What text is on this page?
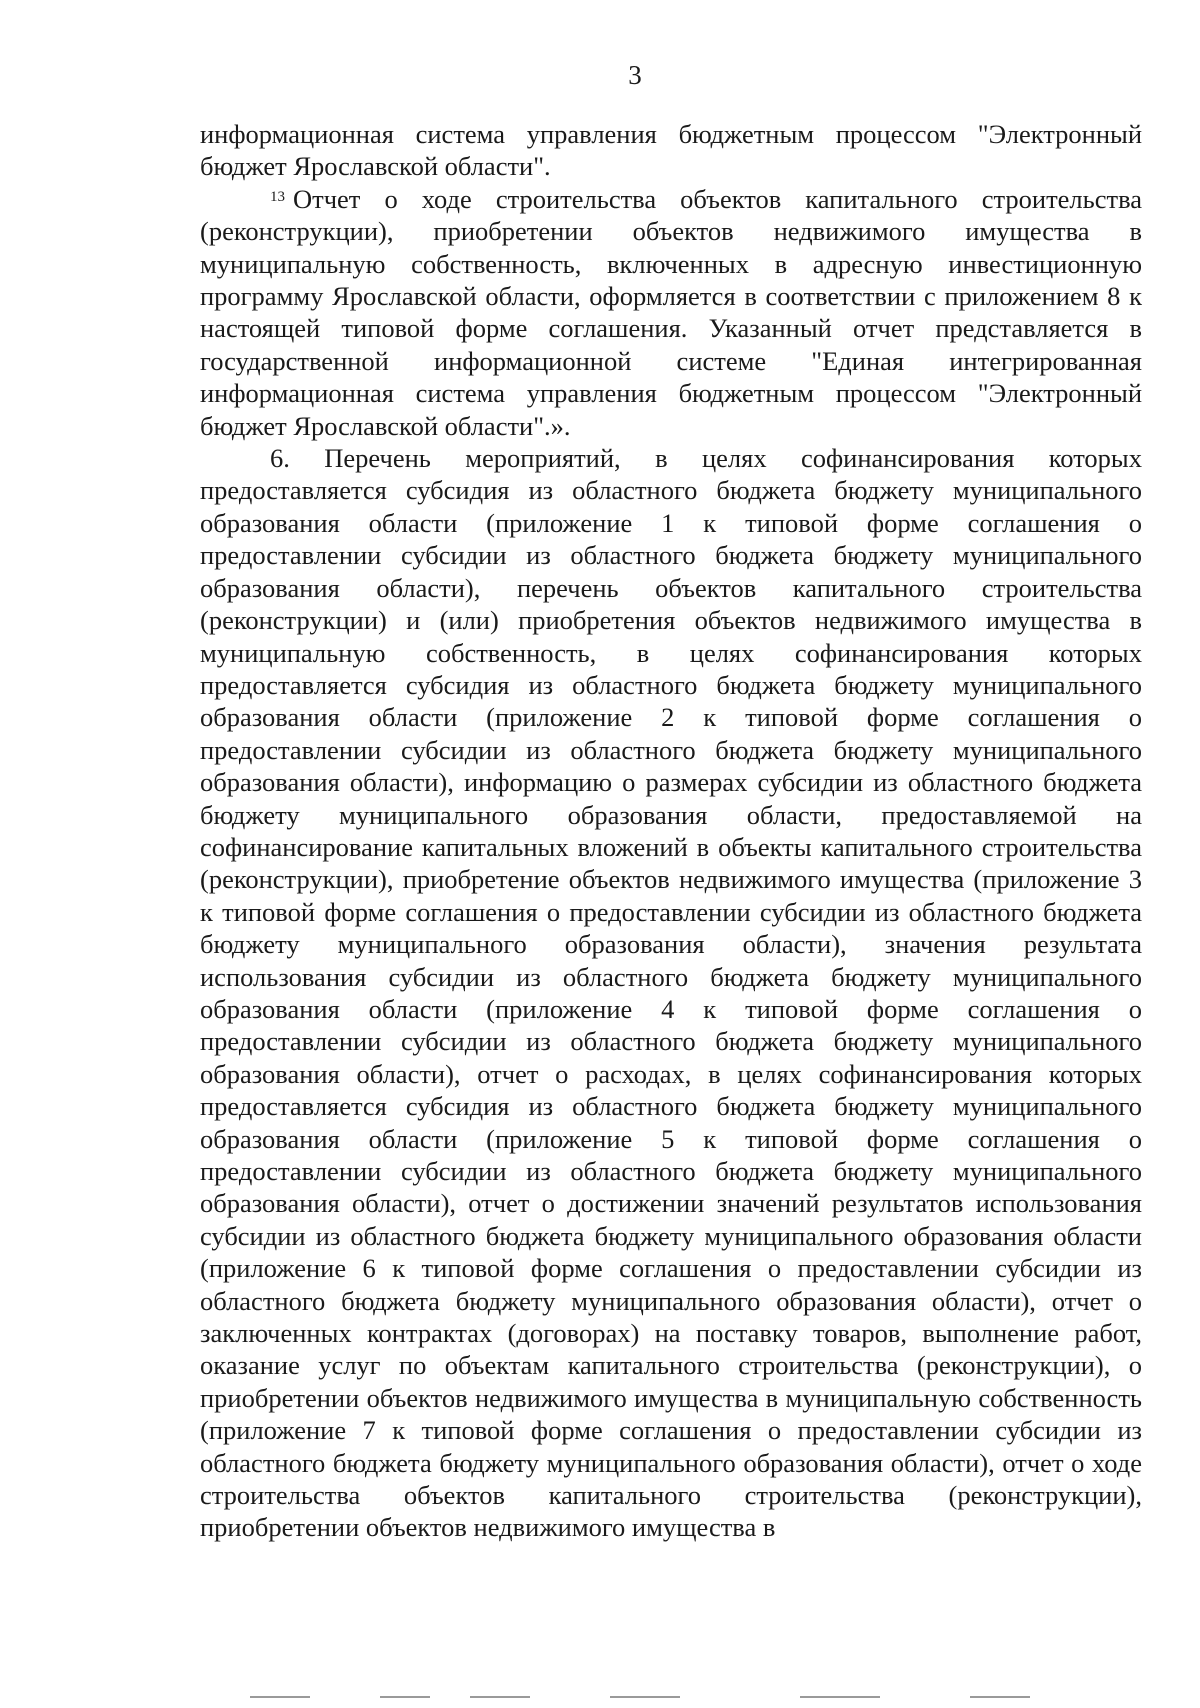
3

информационная система управления бюджетным процессом "Электронный бюджет Ярославской области".

$^{13}$ Отчет о ходе строительства объектов капитального строительства (реконструкции), приобретении объектов недвижимого имущества в муниципальную собственность, включенных в адресную инвестиционную программу Ярославской области, оформляется в соответствии с приложением 8 к настоящей типовой форме соглашения. Указанный отчет представляется в государственной информационной системе "Единая интегрированная информационная система управления бюджетным процессом "Электронный бюджет Ярославской области".».

6. Перечень мероприятий, в целях софинансирования которых предоставляется субсидия из областного бюджета бюджету муниципального образования области (приложение 1 к типовой форме соглашения о предоставлении субсидии из областного бюджета бюджету муниципального образования области), перечень объектов капитального строительства (реконструкции) и (или) приобретения объектов недвижимого имущества в муниципальную собственность, в целях софинансирования которых предоставляется субсидия из областного бюджета бюджету муниципального образования области (приложение 2 к типовой форме соглашения о предоставлении субсидии из областного бюджета бюджету муниципального образования области), информацию о размерах субсидии из областного бюджета бюджету муниципального образования области, предоставляемой на софинансирование капитальных вложений в объекты капитального строительства (реконструкции), приобретение объектов недвижимого имущества (приложение 3 к типовой форме соглашения о предоставлении субсидии из областного бюджета бюджету муниципального образования области), значения результата использования субсидии из областного бюджета бюджету муниципального образования области (приложение 4 к типовой форме соглашения о предоставлении субсидии из областного бюджета бюджету муниципального образования области), отчет о расходах, в целях софинансирования которых предоставляется субсидия из областного бюджета бюджету муниципального образования области (приложение 5 к типовой форме соглашения о предоставлении субсидии из областного бюджета бюджету муниципального образования области), отчет о достижении значений результатов использования субсидии из областного бюджета бюджету муниципального образования области (приложение 6 к типовой форме соглашения о предоставлении субсидии из областного бюджета бюджету муниципального образования области), отчет о заключенных контрактах (договорах) на поставку товаров, выполнение работ, оказание услуг по объектам капитального строительства (реконструкции), о приобретении объектов недвижимого имущества в муниципальную собственность (приложение 7 к типовой форме соглашения о предоставлении субсидии из областного бюджета бюджету муниципального образования области), отчет о ходе строительства объектов капитального строительства (реконструкции), приобретении объектов недвижимого имущества в
